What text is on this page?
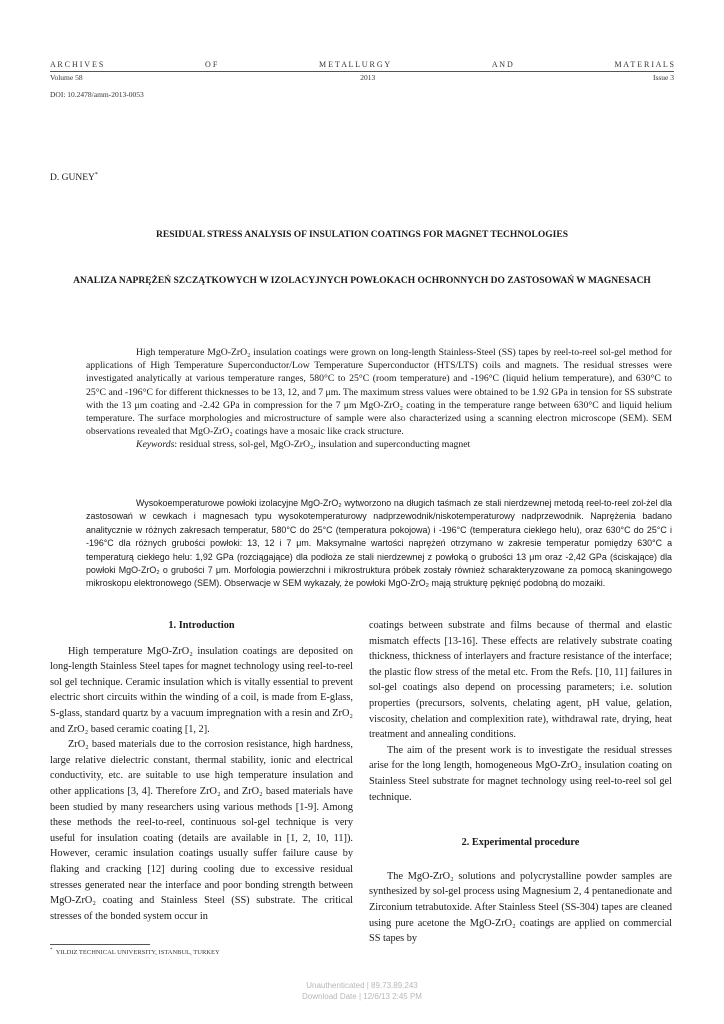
A R C H I V E S	O F	M E T A L L U R G Y	A N D	M A T E R I A L S
Volume 58	2013	Issue 3
DOI: 10.2478/amm-2013-0053
D. GUNEY*
RESIDUAL STRESS ANALYSIS OF INSULATION COATINGS FOR MAGNET TECHNOLOGIES
ANALIZA NAPRĘŻEŃ SZCZĄTKOWYCH W IZOLACYJNYCH POWŁOKACH OCHRONNYCH DO ZASTOSOWAŃ W MAGNESACH

High temperature MgO-ZrO₂ insulation coatings were grown on long-length Stainless-Steel (SS) tapes by reel-to-reel sol-gel method for applications of High Temperature Superconductor/Low Temperature Superconductor (HTS/LTS) coils and magnets. The residual stresses were investigated analytically at various temperature ranges, 580°C to 25°C (room temperature) and -196°C (liquid helium temperature), and 630°C to 25°C and -196°C for different thicknesses to be 13, 12, and 7 μm. The maximum stress values were obtained to be 1.92 GPa in tension for SS substrate with the 13 μm coating and -2.42 GPa in compression for the 7 μm MgO-ZrO₂ coating in the temperature range between 630°C and liquid helium temperature. The surface morphologies and microstructure of sample were also characterized using a scanning electron microscope (SEM). SEM observations revealed that MgO-ZrO₂ coatings have a mosaic like crack structure.

Keywords: residual stress, sol-gel, MgO-ZrO₂, insulation and superconducting magnet

Wysokoemperaturowe powłoki izolacyjne MgO-ZrO₂ wytworzono na długich taśmach ze stali nierdzewnej metodą reel-to-reel zol-żel dla zastosowań w cewkach i magnesach typu wysokotemperaturowy nadprzewodnik/niskotemperaturowy nadprzewodnik. Naprężenia badano analitycznie w różnych zakresach temperatur, 580°C do 25°C (temperatura pokojowa) i -196°C (temperatura ciekłego helu), oraz 630°C do 25°C i -196°C dla różnych grubości powłoki: 13, 12 i 7 μm. Maksymalne wartości naprężeń otrzymano w zakresie temperatur pomiędzy 630°C a temperaturą ciekłego helu: 1,92 GPa (rozciągające) dla podłoża ze stali nierdzewnej z powłoką o grubości 13 μm oraz -2,42 GPa (ściskające) dla powłoki MgO-ZrO₂ o grubości 7 μm. Morfologia powierzchni i mikrostruktura próbek zostały również scharakteryzowane za pomocą skaningowego mikroskopu elektronowego (SEM). Obserwacje w SEM wykazały, że powłoki MgO-ZrO₂ mają strukturę pęknięć podobną do mozaiki.

1. Introduction

High temperature MgO-ZrO₂ insulation coatings are deposited on long-length Stainless Steel tapes for magnet technology using reel-to-reel sol gel technique. Ceramic insulation which is vitally essential to prevent electric short circuits within the winding of a coil, is made from E-glass, S-glass, standard quartz by a vacuum impregnation with a resin and ZrO₂ and ZrO₂ based ceramic coating [1, 2].

ZrO₂ based materials due to the corrosion resistance, high hardness, large relative dielectric constant, thermal stability, ionic and electrical conductivity, etc. are suitable to use high temperature insulation and other applications [3, 4]. Therefore ZrO₂ and ZrO₂ based materials have been studied by many researchers using various methods [1-9]. Among these methods the reel-to-reel, continuous sol-gel technique is very useful for insulation coating (details are available in [1, 2, 10, 11]). However, ceramic insulation coatings usually suffer failure cause by flaking and cracking [12] during cooling due to excessive residual stresses generated near the interface and poor bonding strength between MgO-ZrO₂ coating and Stainless Steel (SS) substrate. The critical stresses of the bonded system occur in

coatings between substrate and films because of thermal and elastic mismatch effects [13-16]. These effects are relatively substrate coating thickness, thickness of interlayers and fracture resistance of the interface; the plastic flow stress of the metal etc. From the Refs. [10, 11] failures in sol-gel coatings also depend on processing parameters; i.e. solution properties (precursors, solvents, chelating agent, pH value, gelation, viscosity, chelation and complexition rate), withdrawal rate, drying, heat treatment and annealing conditions.

The aim of the present work is to investigate the residual stresses arise for the long length, homogeneous MgO-ZrO₂ insulation coating on Stainless Steel substrate for magnet technology using reel-to-reel sol gel technique.

2. Experimental procedure

The MgO-ZrO₂ solutions and polycrystalline powder samples are synthesized by sol-gel process using Magnesium 2, 4 pentanedionate and Zirconium tetrabutoxide. After Stainless Steel (SS-304) tapes are cleaned using pure acetone the MgO-ZrO₂ coatings are applied on commercial SS tapes by

* YILDIZ TECHNICAL UNIVERSITY, ISTANBUL, TURKEY
Unauthenticated | 89.73.89.243
Download Date | 12/6/13 2:45 PM
